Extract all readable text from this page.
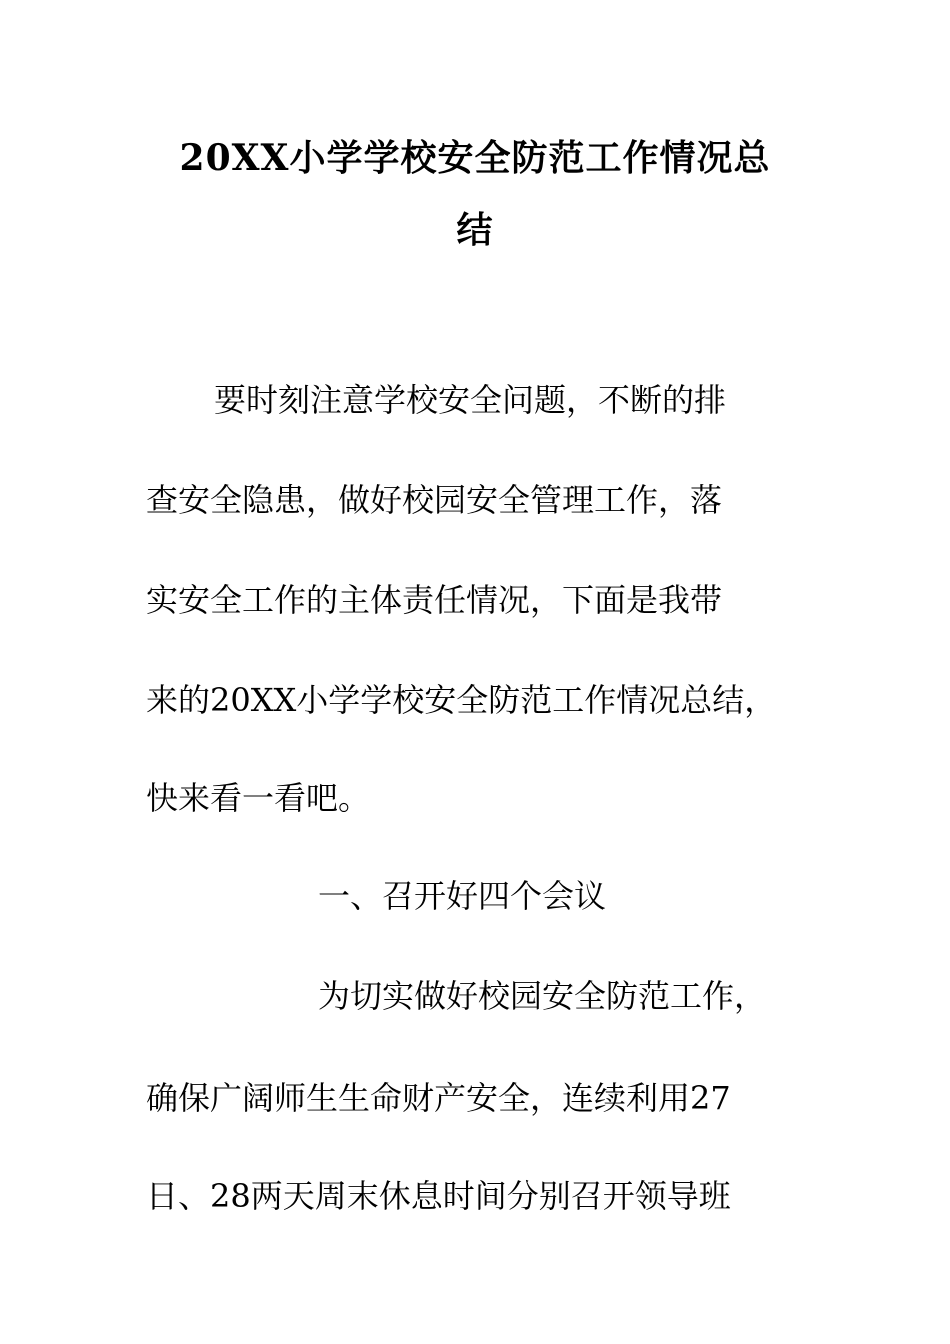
20XX小学学校安全防范工作情况总
结
要时刻注意学校安全问题，不断的排
查安全隐患，做好校园安全管理工作，落
实安全工作的主体责任情况，下面是我带
来的20XX小学学校安全防范工作情况总结，
快来看一看吧。
一、召开好四个会议
为切实做好校园安全防范工作，
确保广阔师生生命财产安全，连续利用27
日、28两天周末休息时间分别召开领导班
